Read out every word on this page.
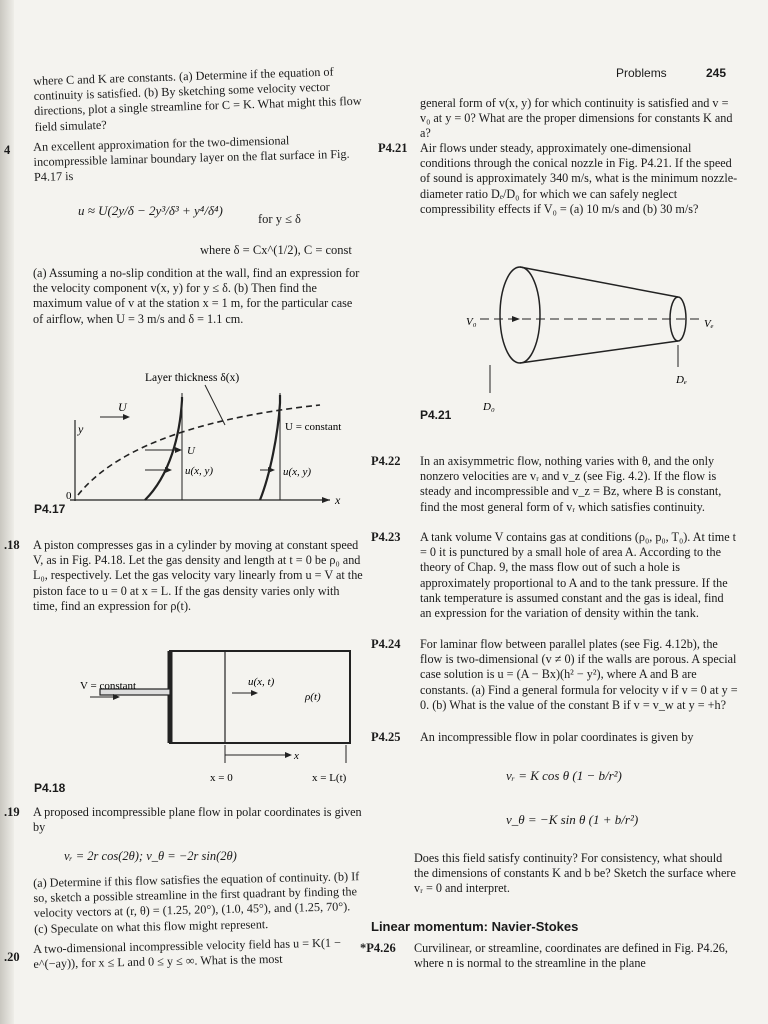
Problems	245

where C and K are constants. (a) Determine if the equation of continuity is satisfied. (b) By sketching some velocity vector directions, plot a single streamline for C = K. What might this flow field simulate?

4 An excellent approximation for the two-dimensional incompressible laminar boundary layer on the flat surface in Fig. P4.17 is

u ≈ U(2y/δ − 2y³/δ³ + y⁴/δ⁴)
for y ≤ δ
where δ = Cx^(1/2), C = const

(a) Assuming a no-slip condition at the wall, find an expression for the velocity component v(x, y) for y ≤ δ. (b) Then find the maximum value of v at the station x = 1 m, for the particular case of airflow, when U = 3 m/s and δ = 1.1 cm.

U
y
x
0
Layer thickness δ(x)
U = constant
U
u(x, y)	u(x, y)
P4.17
.18 A piston compresses gas in a cylinder by moving at constant speed V, as in Fig. P4.18. Let the gas density and length at t = 0 be ρ₀ and L₀, respectively. Let the gas velocity vary linearly from u = V at the piston face to u = 0 at x = L. If the gas density varies only with time, find an expression for ρ(t).

V = constant	u(x, t)
ρ(t)
x
x = 0	x = L(t)
P4.18
.19 A proposed incompressible plane flow in polar coordinates is given by

vᵣ = 2r cos(2θ); v_θ = −2r sin(2θ)

(a) Determine if this flow satisfies the equation of continuity. (b) If so, sketch a possible streamline in the first quadrant by finding the velocity vectors at (r, θ) = (1.25, 20°), (1.0, 45°), and (1.25, 70°). (c) Speculate on what this flow might represent.

.20

A two-dimensional incompressible velocity field has u = K(1 − e^(−ay)), for x ≤ L and 0 ≤ y ≤ ∞. What is the most

general form of v(x, y) for which continuity is satisfied and v = v₀ at y = 0? What are the proper dimensions for constants K and a?

P4.21 Air flows under steady, approximately one-dimensional conditions through the conical nozzle in Fig. P4.21. If the speed of sound is approximately 340 m/s, what is the minimum nozzle-diameter ratio Dₑ/D₀ for which we can safely neglect compressibility effects if V₀ = (a) 10 m/s and (b) 30 m/s?

V₀	Vₑ
Dₑ
D₀
P4.21
P4.22 In an axisymmetric flow, nothing varies with θ, and the only nonzero velocities are vᵣ and v_z (see Fig. 4.2). If the flow is steady and incompressible and v_z = Bz, where B is constant, find the most general form of vᵣ which satisfies continuity.

P4.23 A tank volume V contains gas at conditions (ρ₀, p₀, T₀). At time t = 0 it is punctured by a small hole of area A. According to the theory of Chap. 9, the mass flow out of such a hole is approximately proportional to A and to the tank pressure. If the tank temperature is assumed constant and the gas is ideal, find an expression for the variation of density within the tank.

P4.24 For laminar flow between parallel plates (see Fig. 4.12b), the flow is two-dimensional (v ≠ 0) if the walls are porous. A special case solution is u = (A − Bx)(h² − y²), where A and B are constants. (a) Find a general formula for velocity v if v = 0 at y = 0. (b) What is the value of the constant B if v = v_w at y = +h?

P4.25 An incompressible flow in polar coordinates is given by

vᵣ = K cos θ (1 − b/r²)
v_θ = −K sin θ (1 + b/r²)

Does this field satisfy continuity? For consistency, what should the dimensions of constants K and b be? Sketch the surface where vᵣ = 0 and interpret.

Linear momentum: Navier-Stokes
*P4.26 Curvilinear, or streamline, coordinates are defined in Fig. P4.26, where n is normal to the streamline in the plane
